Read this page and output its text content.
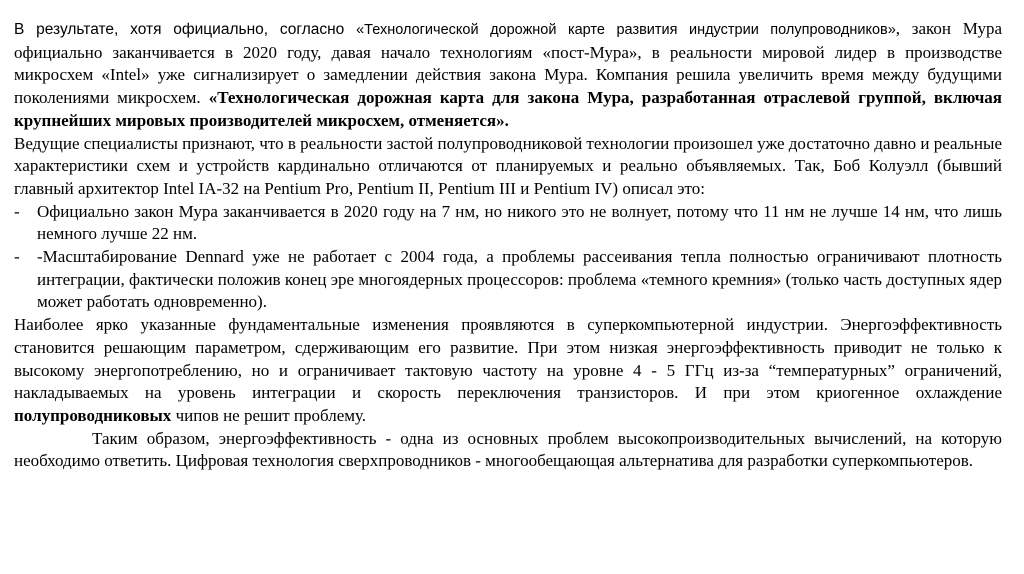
В результате, хотя официально, согласно «Технологической дорожной карте развития индустрии полупроводников», закон Мура официально заканчивается в 2020 году, давая начало технологиям «пост-Мура», в реальности мировой лидер в производстве микросхем «Intel» уже сигнализирует о замедлении действия закона Мура. Компания решила увеличить время между будущими поколениями микросхем. «Технологическая дорожная карта для закона Мура, разработанная отраслевой группой, включая крупнейших мировых производителей микросхем, отменяется».

Ведущие специалисты признают, что в реальности застой полупроводниковой технологии произошел уже достаточно давно и реальные характеристики схем и устройств кардинально отличаются от планируемых и реально объявляемых. Так, Боб Колуэлл (бывший главный архитектор Intel IA-32 на Pentium Pro, Pentium II, Pentium III и Pentium IV) описал это:

-	Официально закон Мура заканчивается в 2020 году на 7 нм, но никого это не волнует, потому что 11 нм не лучше 14 нм, что лишь немного лучше 22 нм.
-	-Масштабирование Dennard уже не работает с 2004 года, а проблемы рассеивания тепла полностью ограничивают плотность интеграции, фактически положив конец эре многоядерных процессоров: проблема «темного кремния» (только часть доступных ядер может работать одновременно).

Наиболее ярко указанные фундаментальные изменения проявляются в суперкомпьютерной индустрии. Энергоэффективность становится решающим параметром, сдерживающим его развитие. При этом низкая энергоэффективность приводит не только к высокому энергопотреблению, но и ограничивает тактовую частоту на уровне 4 - 5 ГГц из-за “температурных” ограничений, накладываемых на уровень интеграции и скорость переключения транзисторов. И при этом криогенное охлаждение полупроводниковых чипов не решит проблему.

Таким образом, энергоэффективность - одна из основных проблем высокопроизводительных вычислений, на которую необходимо ответить. Цифровая технология сверхпроводников - многообещающая альтернатива для разработки суперкомпьютеров.
